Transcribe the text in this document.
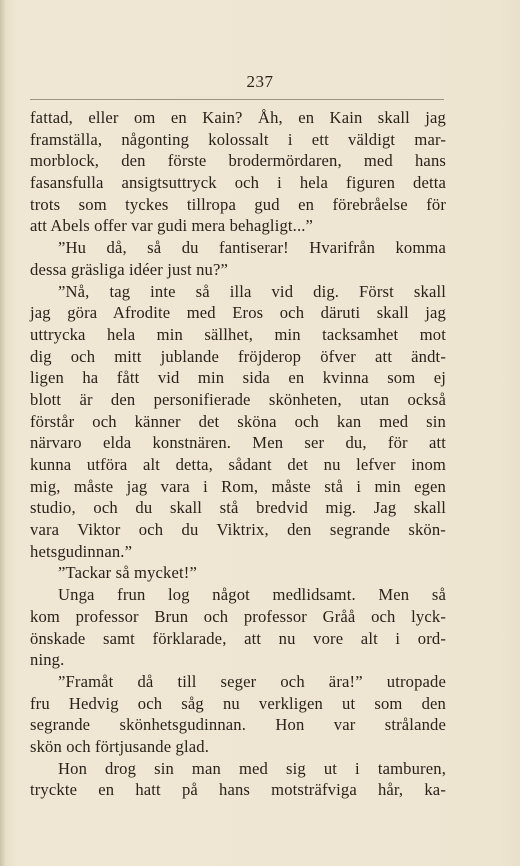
237
fattad, eller om en Kain? Åh, en Kain skall jag
framställa, någonting kolossalt i ett väldigt mar-
morblock, den förste brodermördaren, med hans
fasansfulla ansigtsuttryck och i hela figuren detta
trots som tyckes tillropa gud en förebråelse för
att Abels offer var gudi mera behagligt...”
”Hu då, så du fantiserar! Hvarifrån komma
dessa gräsliga idéer just nu?”
”Nå, tag inte så illa vid dig. Först skall
jag göra Afrodite med Eros och däruti skall jag
uttrycka hela min sällhet, min tacksamhet mot
dig och mitt jublande fröjderop öfver att ändt-
ligen ha fått vid min sida en kvinna som ej
blott är den personifierade skönheten, utan också
förstår och känner det sköna och kan med sin
närvaro elda konstnären. Men ser du, för att
kunna utföra alt detta, sådant det nu lefver inom
mig, måste jag vara i Rom, måste stå i min egen
studio, och du skall stå bredvid mig. Jag skall
vara Viktor och du Viktrix, den segrande skön-
hetsgudinnan.”
”Tackar så mycket!”
Unga frun log något medlidsamt. Men så
kom professor Brun och professor Gråå och lyck-
önskade samt förklarade, att nu vore alt i ord-
ning.
”Framåt då till seger och ära!” utropade
fru Hedvig och såg nu verkligen ut som den
segrande skönhetsgudinnan. Hon var strålande
skön och förtjusande glad.
Hon drog sin man med sig ut i tamburen,
tryckte en hatt på hans motsträfviga hår, ka-
